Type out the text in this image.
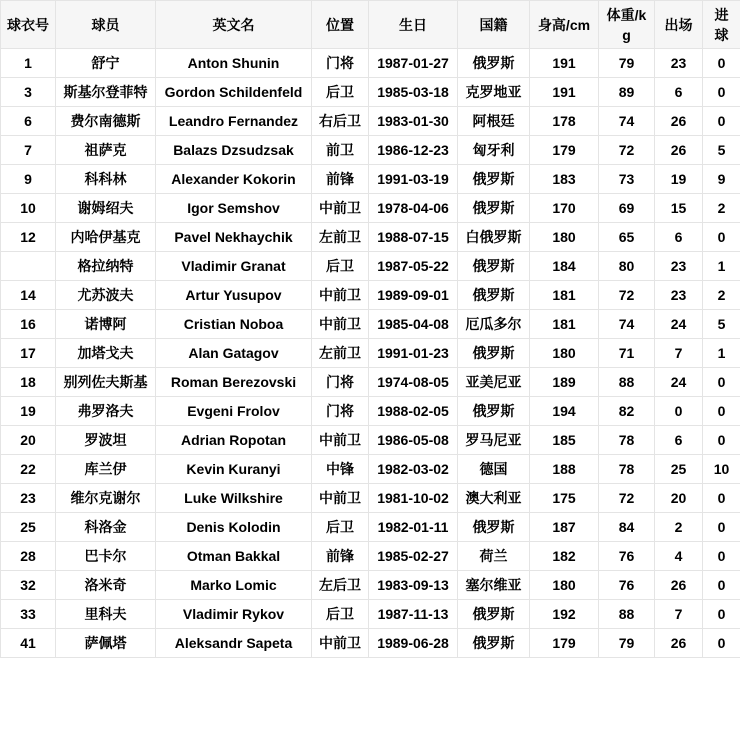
球衣号	球员	英文名	位置	生日	国籍	身高/cm	体重/kg	出场	进球
1	舒宁	Anton Shunin	门将	1987-01-27	俄罗斯	191	79	23	0
3	斯基尔登菲特	Gordon Schildenfeld	后卫	1985-03-18	克罗地亚	191	89	6	0
6	费尔南德斯	Leandro Fernandez	右后卫	1983-01-30	阿根廷	178	74	26	0
7	祖萨克	Balazs Dzsudzsak	前卫	1986-12-23	匈牙利	179	72	26	5
9	科科林	Alexander Kokorin	前锋	1991-03-19	俄罗斯	183	73	19	9
10	谢姆绍夫	Igor Semshov	中前卫	1978-04-06	俄罗斯	170	69	15	2
12	内哈伊基克	Pavel Nekhaychik	左前卫	1988-07-15	白俄罗斯	180	65	6	0
	格拉纳特	Vladimir Granat	后卫	1987-05-22	俄罗斯	184	80	23	1
14	尤苏波夫	Artur Yusupov	中前卫	1989-09-01	俄罗斯	181	72	23	2
16	诺博阿	Cristian Noboa	中前卫	1985-04-08	厄瓜多尔	181	74	24	5
17	加塔戈夫	Alan Gatagov	左前卫	1991-01-23	俄罗斯	180	71	7	1
18	别列佐夫斯基	Roman Berezovski	门将	1974-08-05	亚美尼亚	189	88	24	0
19	弗罗洛夫	Evgeni Frolov	门将	1988-02-05	俄罗斯	194	82	0	0
20	罗波坦	Adrian Ropotan	中前卫	1986-05-08	罗马尼亚	185	78	6	0
22	库兰伊	Kevin Kuranyi	中锋	1982-03-02	德国	188	78	25	10
23	维尔克谢尔	Luke Wilkshire	中前卫	1981-10-02	澳大利亚	175	72	20	0
25	科洛金	Denis Kolodin	后卫	1982-01-11	俄罗斯	187	84	2	0
28	巴卡尔	Otman Bakkal	前锋	1985-02-27	荷兰	182	76	4	0
32	洛米奇	Marko Lomic	左后卫	1983-09-13	塞尔维亚	180	76	26	0
33	里科夫	Vladimir Rykov	后卫	1987-11-13	俄罗斯	192	88	7	0
41	萨佩塔	Aleksandr Sapeta	中前卫	1989-06-28	俄罗斯	179	79	26	0
